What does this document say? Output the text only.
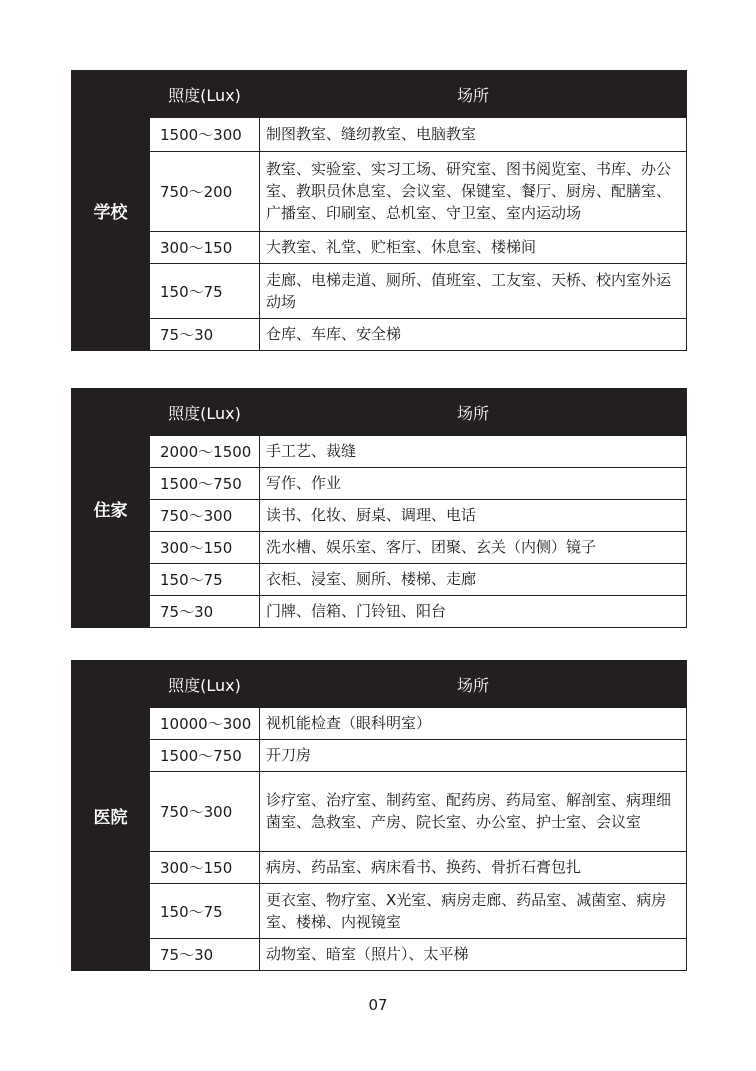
学校	照度(Lux)	场所
	1500～300	制图教室、缝纫教室、电脑教室
	750～200	教室、实验室、实习工场、研究室、图书阅览室、书库、办公室、教职员休息室、会议室、保键室、餐厅、厨房、配膳室、广播室、印刷室、总机室、守卫室、室内运动场
	300～150	大教室、礼堂、贮柜室、休息室、楼梯间
	150～75	走廊、电梯走道、厕所、值班室、工友室、天桥、校内室外运动场
	75～30	仓库、车库、安全梯
住家	照度(Lux)	场所
	2000～1500	手工艺、裁缝
	1500～750	写作、作业
	750～300	读书、化妆、厨桌、调理、电话
	300～150	洗水槽、娱乐室、客厅、团聚、玄关（内侧）镜子
	150～75	衣柜、浸室、厕所、楼梯、走廊
	75～30	门牌、信箱、门铃钮、阳台
医院	照度(Lux)	场所
	10000～300	视机能检查（眼科明室）
	1500～750	开刀房
	750～300	诊疗室、治疗室、制药室、配药房、药局室、解剖室、病理细菌室、急救室、产房、院长室、办公室、护士室、会议室
	300～150	病房、药品室、病床看书、换药、骨折石膏包扎
	150～75	更衣室、物疗室、X光室、病房走廊、药品室、减菌室、病房室、楼梯、内视镜室
	75～30	动物室、暗室（照片）、太平梯
07
